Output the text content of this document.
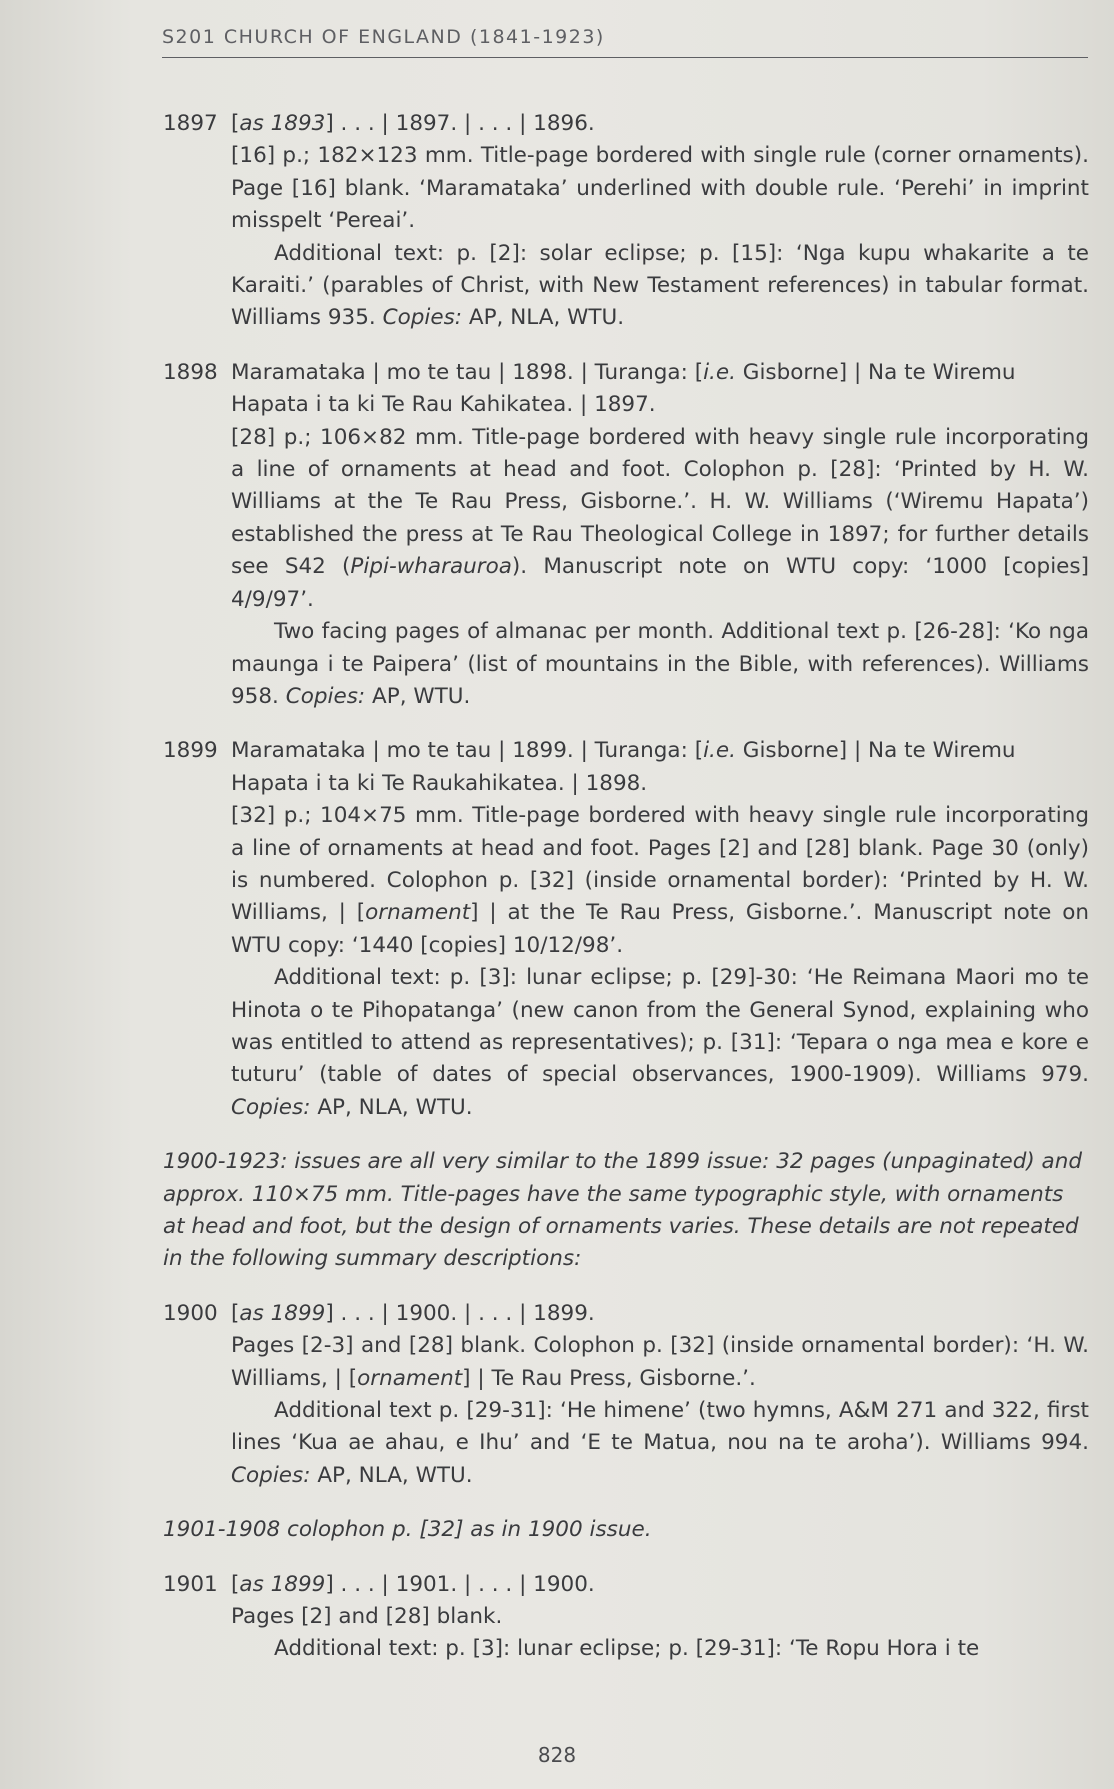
S201 CHURCH OF ENGLAND (1841-1923)
1897 [as 1893] . . . | 1897. | . . . | 1896.

[16] p.; 182×123 mm. Title-page bordered with single rule (corner ornaments). Page [16] blank. ‘Maramataka’ underlined with double rule. ‘Perehi’ in imprint misspelt ‘Pereai’.

Additional text: p. [2]: solar eclipse; p. [15]: ‘Nga kupu whakarite a te Karaiti.’ (parables of Christ, with New Testament references) in tabular format. Williams 935. Copies: AP, NLA, WTU.

1898 Maramataka | mo te tau | 1898. | Turanga: [i.e. Gisborne] | Na te Wiremu Hapata i ta ki Te Rau Kahikatea. | 1897.

[28] p.; 106×82 mm. Title-page bordered with heavy single rule incorporating a line of ornaments at head and foot. Colophon p. [28]: ‘Printed by H. W. Williams at the Te Rau Press, Gisborne.’. H. W. Williams (‘Wiremu Hapata’) established the press at Te Rau Theological College in 1897; for further details see S42 (Pipi-wharauroa). Manuscript note on WTU copy: ‘1000 [copies] 4/9/97’.

Two facing pages of almanac per month. Additional text p. [26-28]: ‘Ko nga maunga i te Paipera’ (list of mountains in the Bible, with references). Williams 958. Copies: AP, WTU.

1899 Maramataka | mo te tau | 1899. | Turanga: [i.e. Gisborne] | Na te Wiremu Hapata i ta ki Te Raukahikatea. | 1898.

[32] p.; 104×75 mm. Title-page bordered with heavy single rule incorporating a line of ornaments at head and foot. Pages [2] and [28] blank. Page 30 (only) is numbered. Colophon p. [32] (inside ornamental border): ‘Printed by H. W. Williams, | [ornament] | at the Te Rau Press, Gisborne.’. Manuscript note on WTU copy: ‘1440 [copies] 10/12/98’.

Additional text: p. [3]: lunar eclipse; p. [29]-30: ‘He Reimana Maori mo te Hinota o te Pihopatanga’ (new canon from the General Synod, explaining who was entitled to attend as representatives); p. [31]: ‘Tepara o nga mea e kore e tuturu’ (table of dates of special observances, 1900-1909). Williams 979. Copies: AP, NLA, WTU.

1900-1923: issues are all very similar to the 1899 issue: 32 pages (unpaginated) and approx. 110×75 mm. Title-pages have the same typographic style, with ornaments at head and foot, but the design of ornaments varies. These details are not repeated in the following summary descriptions:

1900 [as 1899] . . . | 1900. | . . . | 1899.

Pages [2-3] and [28] blank. Colophon p. [32] (inside ornamental border): ‘H. W. Williams, | [ornament] | Te Rau Press, Gisborne.’.

Additional text p. [29-31]: ‘He himene’ (two hymns, A&M 271 and 322, first lines ‘Kua ae ahau, e Ihu’ and ‘E te Matua, nou na te aroha’). Williams 994. Copies: AP, NLA, WTU.

1901-1908 colophon p. [32] as in 1900 issue.

1901 [as 1899] . . . | 1901. | . . . | 1900.

Pages [2] and [28] blank.

Additional text: p. [3]: lunar eclipse; p. [29-31]: ‘Te Ropu Hora i te

828
